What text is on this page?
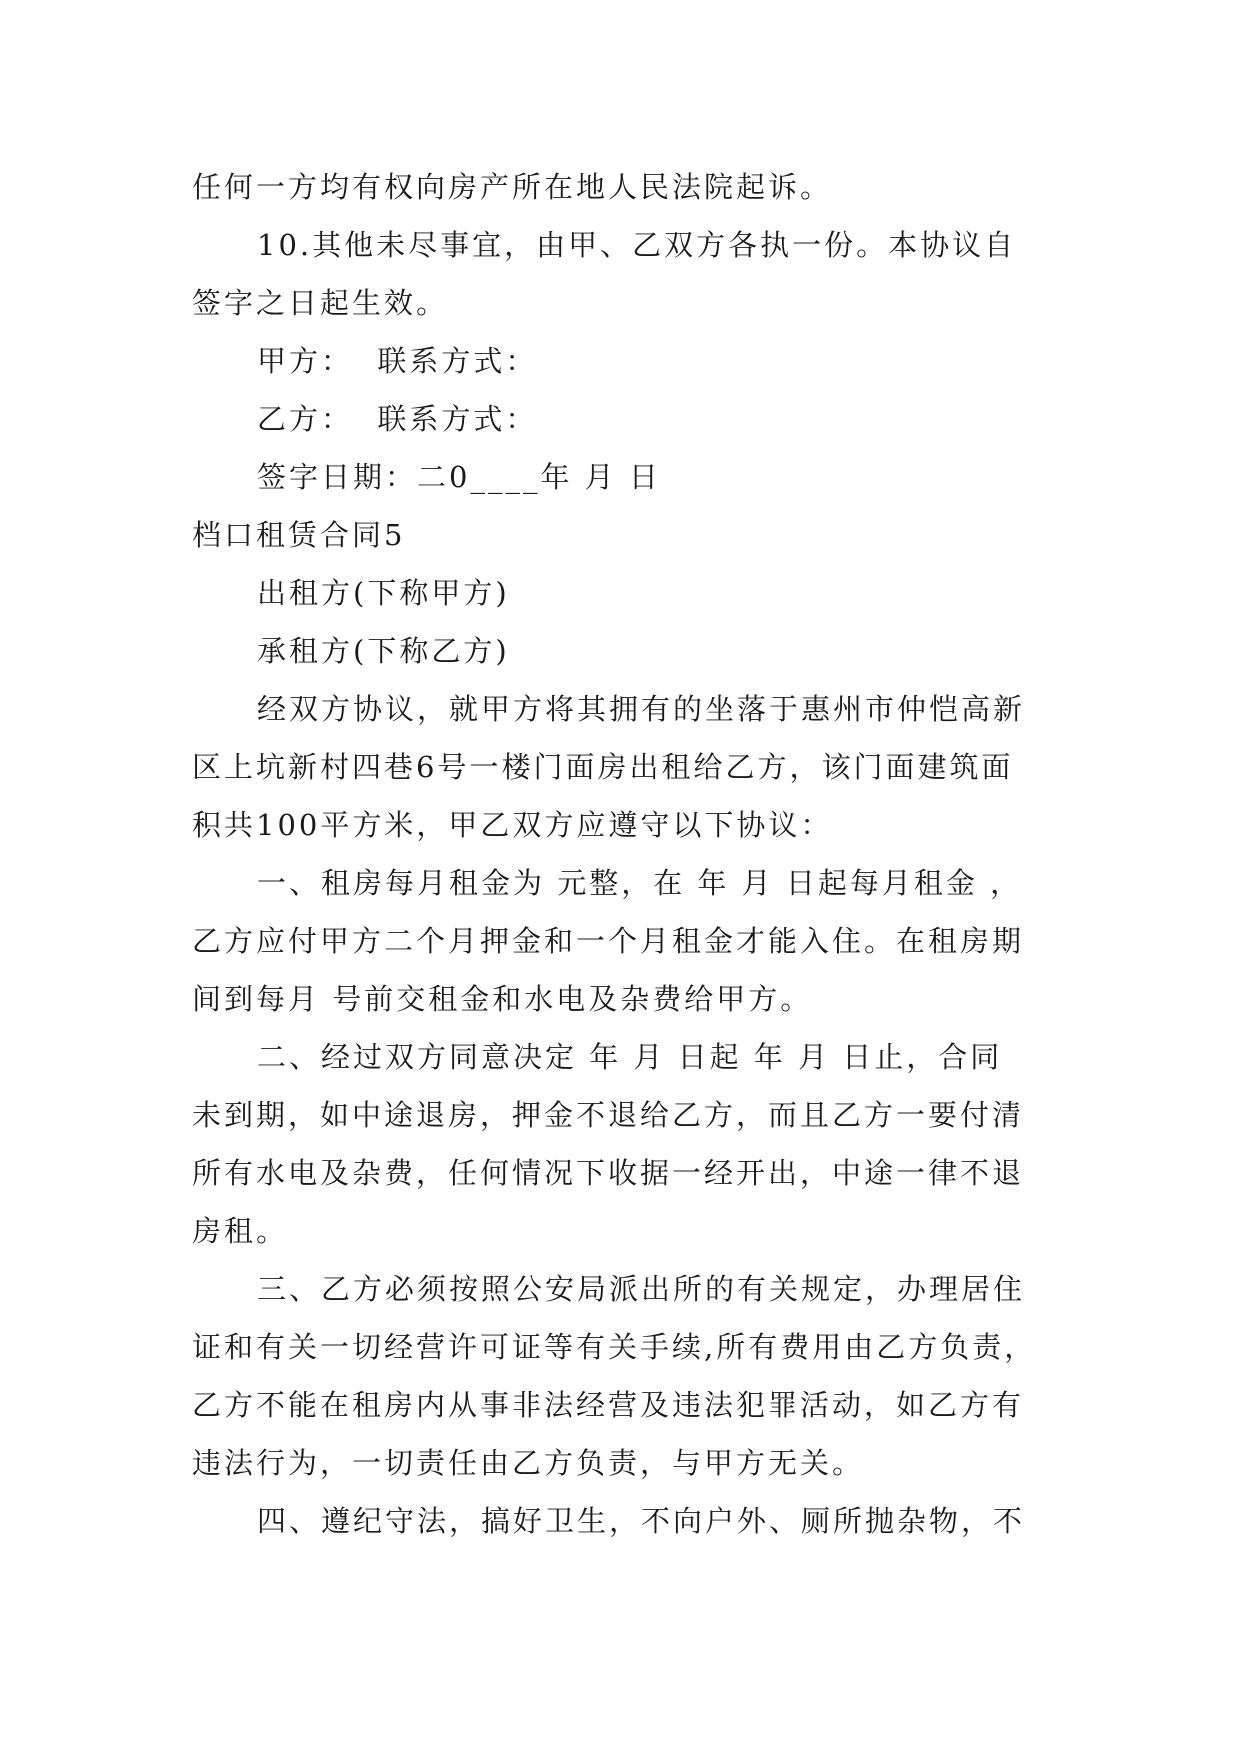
任何一方均有权向房产所在地人民法院起诉。
10.其他未尽事宜，由甲、乙双方各执一份。本协议自
签字之日起生效。
甲方：  联系方式：
乙方：  联系方式：
签字日期：二0____年 月 日
档口租赁合同5
出租方(下称甲方)
承租方(下称乙方)
经双方协议，就甲方将其拥有的坐落于惠州市仲恺高新
区上坑新村四巷6号一楼门面房出租给乙方，该门面建筑面
积共100平方米，甲乙双方应遵守以下协议：
一、租房每月租金为 元整，在 年 月 日起每月租金 ，
乙方应付甲方二个月押金和一个月租金才能入住。在租房期
间到每月 号前交租金和水电及杂费给甲方。
二、经过双方同意决定 年 月 日起 年 月 日止，合同
未到期，如中途退房，押金不退给乙方，而且乙方一要付清
所有水电及杂费，任何情况下收据一经开出，中途一律不退
房租。
三、乙方必须按照公安局派出所的有关规定，办理居住
证和有关一切经营许可证等有关手续,所有费用由乙方负责，
乙方不能在租房内从事非法经营及违法犯罪活动，如乙方有
违法行为，一切责任由乙方负责，与甲方无关。
四、遵纪守法，搞好卫生，不向户外、厕所抛杂物，不
